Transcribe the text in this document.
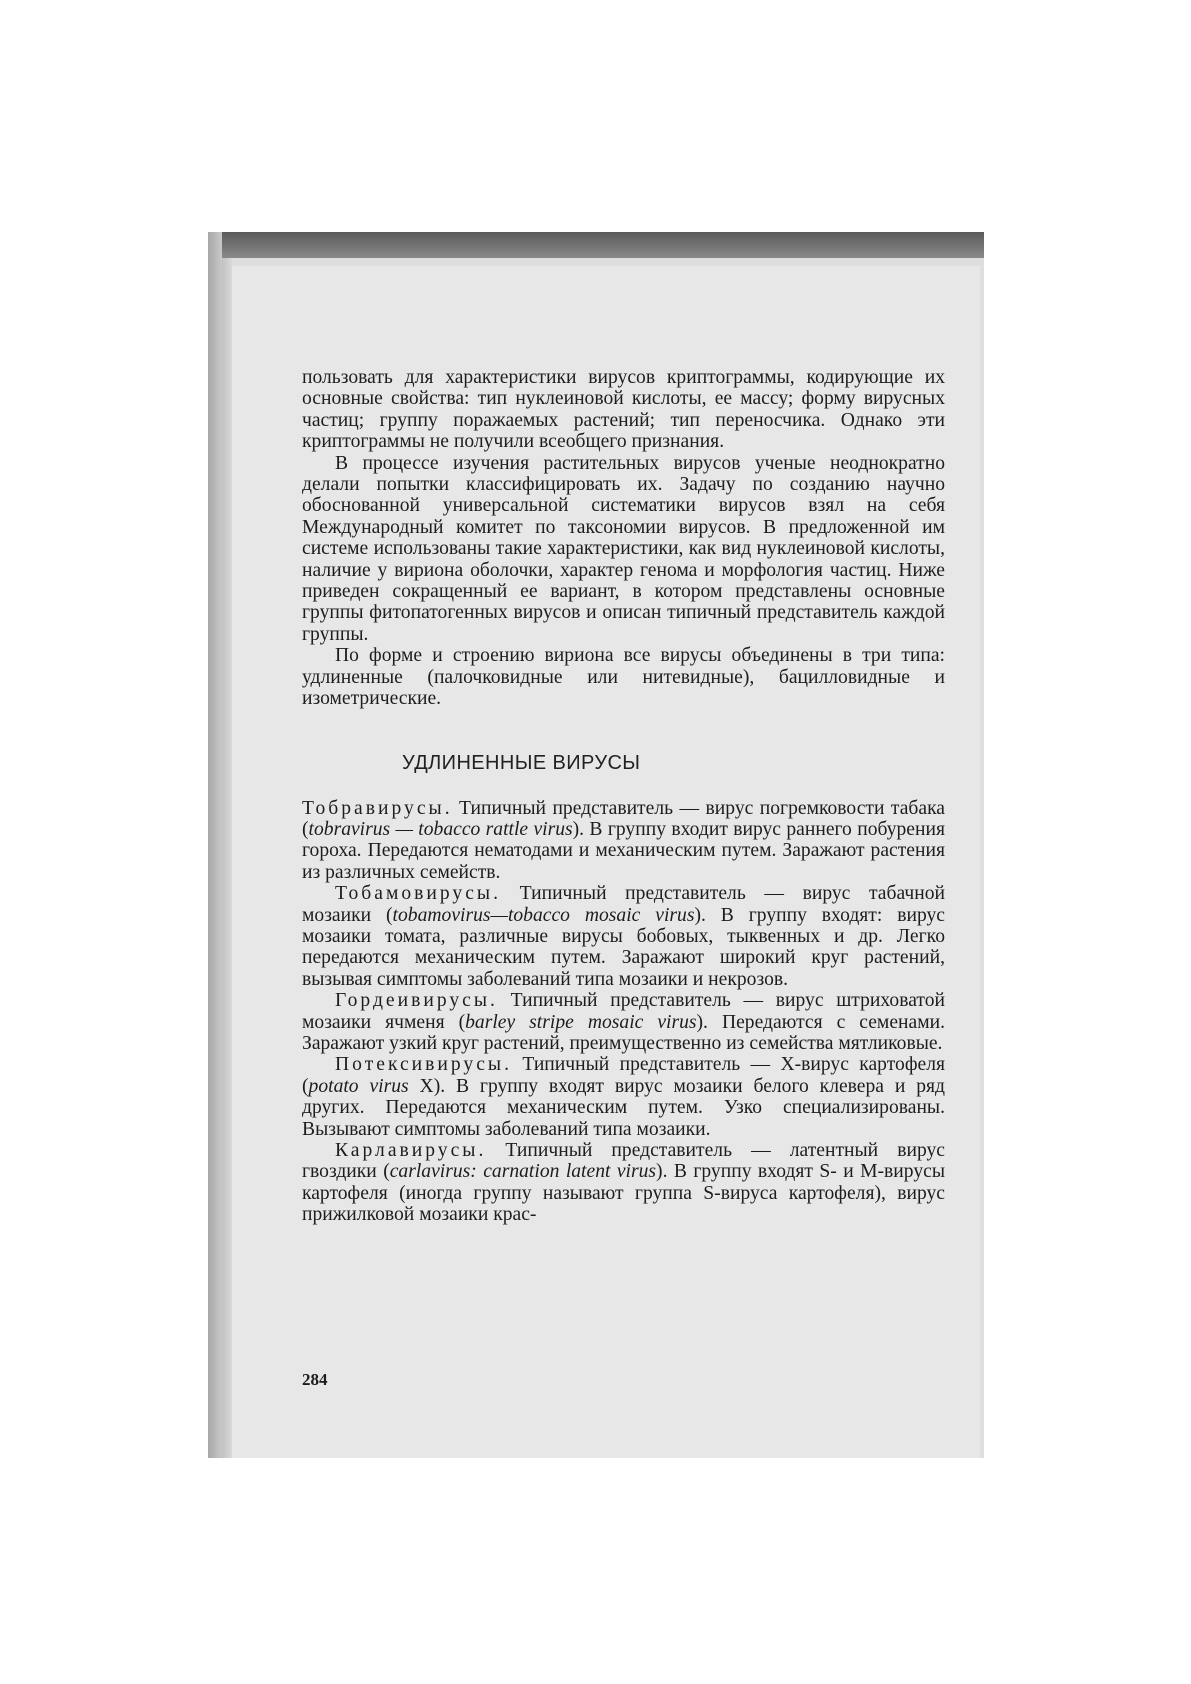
пользовать для характеристики вирусов криптограммы, кодирующие их основные свойства: тип нуклеиновой кислоты, ее массу; форму вирусных частиц; группу поражаемых растений; тип переносчика. Однако эти криптограммы не получили всеобщего признания.

В процессе изучения растительных вирусов ученые неоднократно делали попытки классифицировать их. Задачу по созданию научно обоснованной универсальной систематики вирусов взял на себя Международный комитет по таксономии вирусов. В предложенной им системе использованы такие характеристики, как вид нуклеиновой кислоты, наличие у вириона оболочки, характер генома и морфология частиц. Ниже приведен сокращенный ее вариант, в котором представлены основные группы фитопатогенных вирусов и описан типичный представитель каждой группы.

По форме и строению вириона все вирусы объединены в три типа: удлиненные (палочковидные или нитевидные), бацилловидные и изометрические.

УДЛИНЕННЫЕ ВИРУСЫ

Тобравирусы. Типичный представитель — вирус погремковости табака (tobravirus — tobacco rattle virus). В группу входит вирус раннего побурения гороха. Передаются нематодами и механическим путем. Заражают растения из различных семейств.

Тобамовирусы. Типичный представитель — вирус табачной мозаики (tobamovirus—tobacco mosaic virus). В группу входят: вирус мозаики томата, различные вирусы бобовых, тыквенных и др. Легко передаются механическим путем. Заражают широкий круг растений, вызывая симптомы заболеваний типа мозаики и некрозов.

Гордеивирусы. Типичный представитель — вирус штриховатой мозаики ячменя (barley stripe mosaic virus). Передаются с семенами. Заражают узкий круг растений, преимущественно из семейства мятликовые.

Потексивирусы. Типичный представитель — Х-вирус картофеля (potato virus X). В группу входят вирус мозаики белого клевера и ряд других. Передаются механическим путем. Узко специализированы. Вызывают симптомы заболеваний типа мозаики.

Карлавирусы. Типичный представитель — латентный вирус гвоздики (carlavirus: carnation latent virus). В группу входят S- и М-вирусы картофеля (иногда группу называют группа S-вируса картофеля), вирус прижилковой мозаики крас-

284
